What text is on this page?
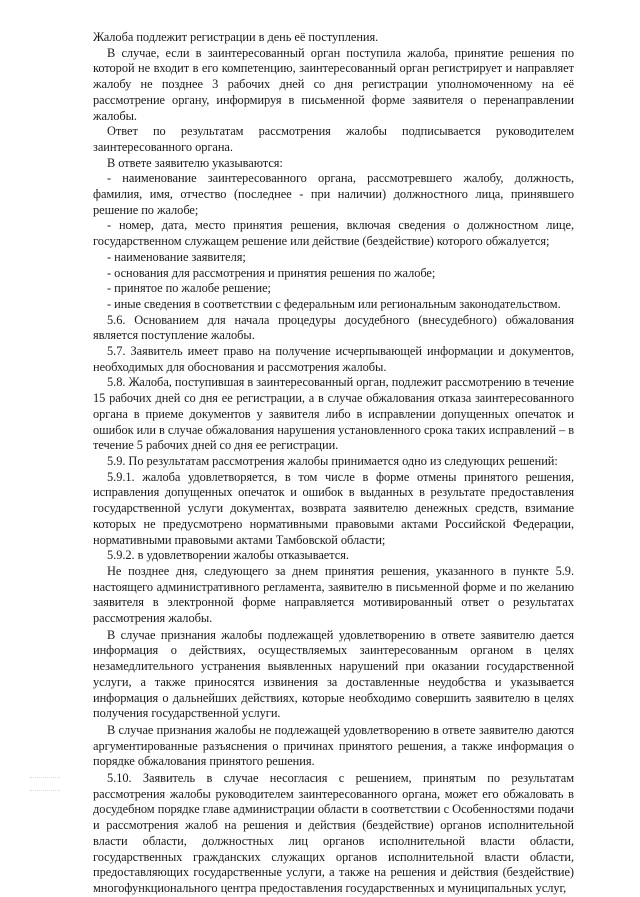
Жалоба подлежит регистрации в день её поступления.

В случае, если в заинтересованный орган поступила жалоба, принятие решения по которой не входит в его компетенцию, заинтересованный орган регистрирует и направляет жалобу не позднее 3 рабочих дней со дня регистрации уполномоченному на её рассмотрение органу, информируя в письменной форме заявителя о перенаправлении жалобы.

Ответ по результатам рассмотрения жалобы подписывается руководителем заинтересованного органа.

В ответе заявителю указываются:

- наименование заинтересованного органа, рассмотревшего жалобу, должность, фамилия, имя, отчество (последнее - при наличии) должностного лица, принявшего решение по жалобе;

- номер, дата, место принятия решения, включая сведения о должностном лице, государственном служащем решение или действие (бездействие) которого обжалуется;

- наименование заявителя;

- основания для рассмотрения и принятия решения по жалобе;

- принятое по жалобе решение;

- иные сведения в соответствии с федеральным или региональным законодательством.

5.6. Основанием для начала процедуры досудебного (внесудебного) обжалования является поступление жалобы.

5.7. Заявитель имеет право на получение исчерпывающей информации и документов, необходимых для обоснования и рассмотрения жалобы.

5.8. Жалоба, поступившая в заинтересованный орган, подлежит рассмотрению в течение 15 рабочих дней со дня ее регистрации, а в случае обжалования отказа заинтересованного органа в приеме документов у заявителя либо в исправлении допущенных опечаток и ошибок или в случае обжалования нарушения установленного срока таких исправлений – в течение 5 рабочих дней со дня ее регистрации.

5.9. По результатам рассмотрения жалобы принимается одно из следующих решений:

5.9.1. жалоба удовлетворяется, в том числе в форме отмены принятого решения, исправления допущенных опечаток и ошибок в выданных в результате предоставления государственной услуги документах, возврата заявителю денежных средств, взимание которых не предусмотрено нормативными правовыми актами Российской Федерации, нормативными правовыми актами Тамбовской области;

5.9.2. в удовлетворении жалобы отказывается.

Не позднее дня, следующего за днем принятия решения, указанного в пункте 5.9. настоящего административного регламента, заявителю в письменной форме и по желанию заявителя в электронной форме направляется мотивированный ответ о результатах рассмотрения жалобы.

В случае признания жалобы подлежащей удовлетворению в ответе заявителю дается информация о действиях, осуществляемых заинтересованным органом в целях незамедлительного устранения выявленных нарушений при оказании государственной услуги, а также приносятся извинения за доставленные неудобства и указывается информация о дальнейших действиях, которые необходимо совершить заявителю в целях получения государственной услуги.

В случае признания жалобы не подлежащей удовлетворению в ответе заявителю даются аргументированные разъяснения о причинах принятого решения, а также информация о порядке обжалования принятого решения.

5.10. Заявитель в случае несогласия с решением, принятым по результатам рассмотрения жалобы руководителем заинтересованного органа, может его обжаловать в досудебном порядке главе администрации области в соответствии с Особенностями подачи и рассмотрения жалоб на решения и действия (бездействие) органов исполнительной власти области, должностных лиц органов исполнительной власти области, государственных гражданских служащих органов исполнительной власти области, предоставляющих государственные услуги, а также на решения и действия (бездействие) многофункционального центра предоставления государственных и муниципальных услуг,
